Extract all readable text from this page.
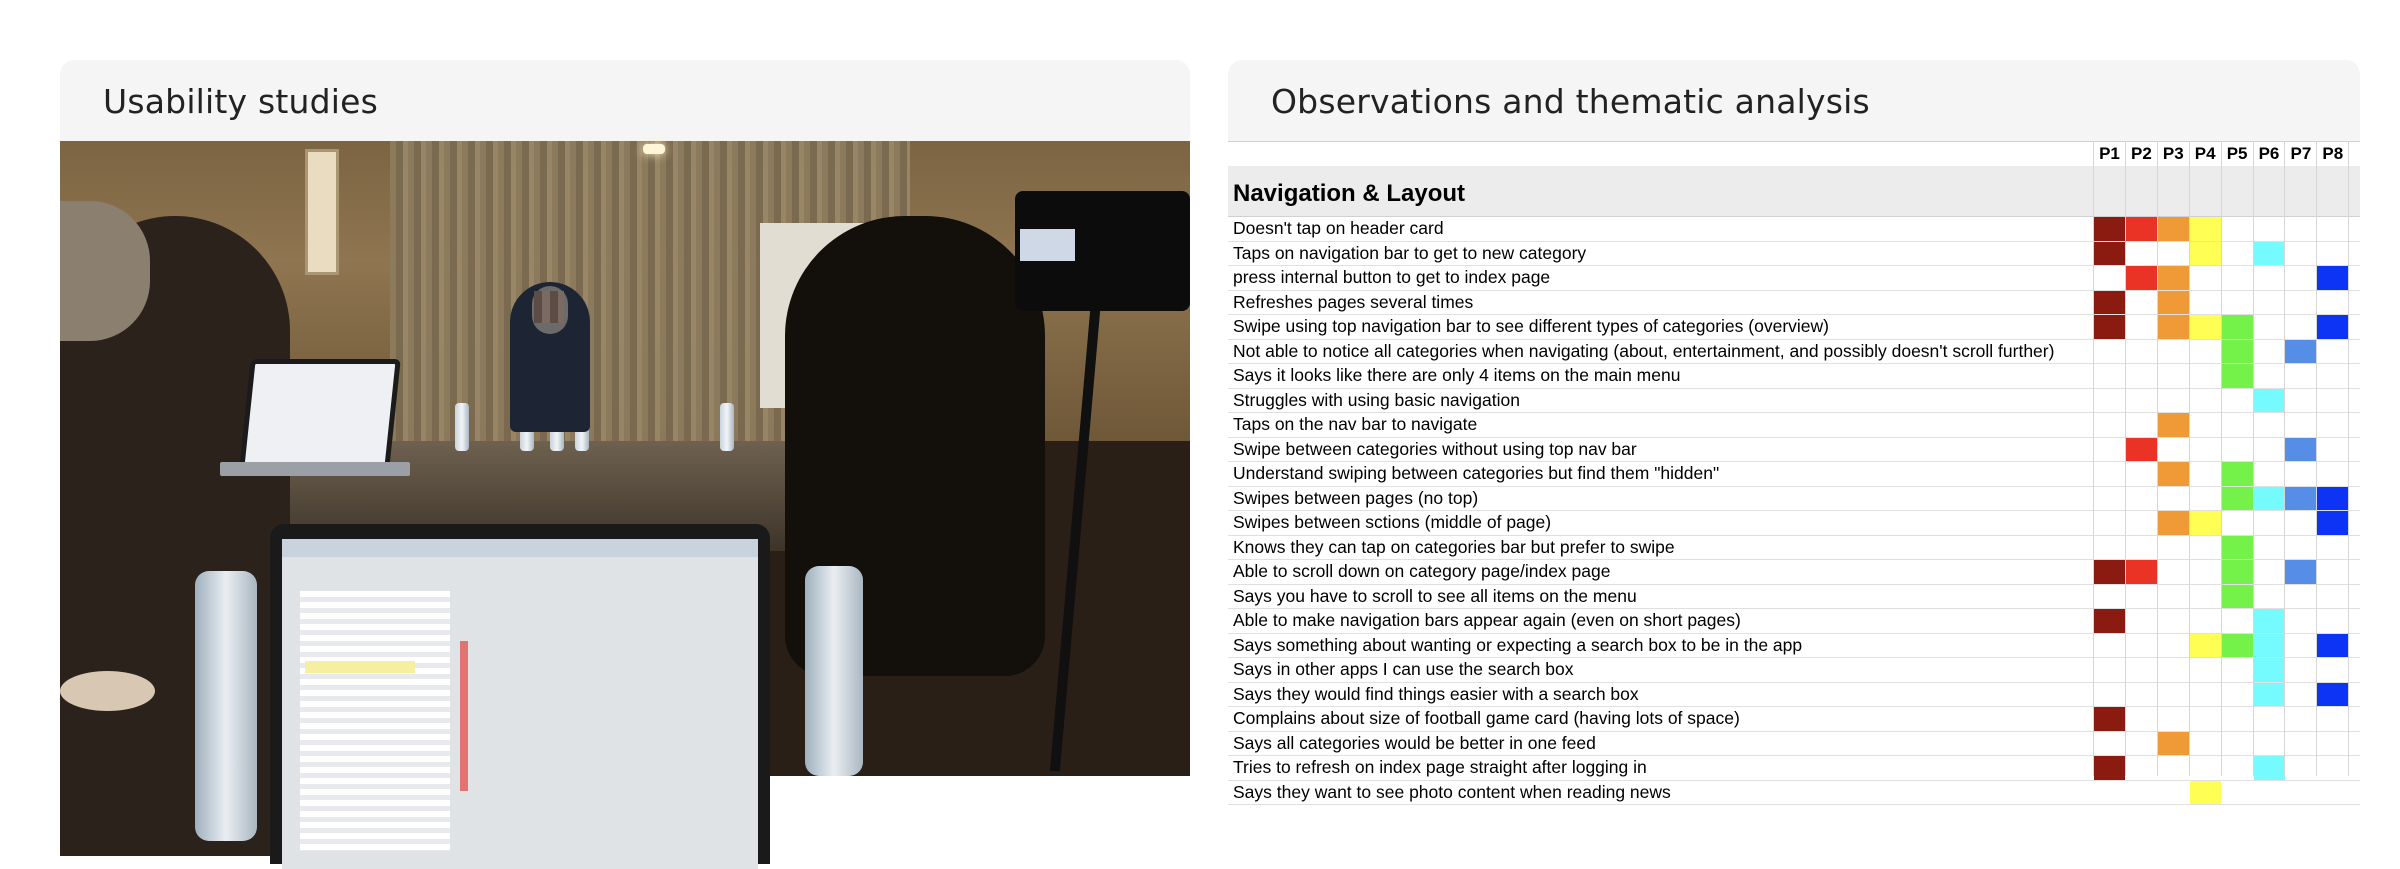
Usability studies	Observations and thematic analysis
P1 P2 P3 P4 P5 P6 P7 P8
Navigation & Layout
Doesn't tap on header card
Taps on navigation bar to get to new category
press internal button to get to index page
Refreshes pages several times
Swipe using top navigation bar to see different types of categories (overview)
Not able to notice all categories when navigating (about, entertainment, and possibly doesn't scroll further)
Says it looks like there are only 4 items on the main menu
Struggles with using basic navigation
Taps on the nav bar to navigate
Swipe between categories without using top nav bar
Understand swiping between categories but find them "hidden"
Swipes between pages (no top)
Swipes between sctions (middle of page)
Knows they can tap on categories bar but prefer to swipe
Able to scroll down on category page/index page
Says you have to scroll to see all items on the menu
Able to make navigation bars appear again (even on short pages)
Says something about wanting or expecting a search box to be in the app
Says in other apps I can use the search box
Says they would find things easier with a search box
Complains about size of football game card (having lots of space)
Says all categories would be better in one feed
Tries to refresh on index page straight after logging in
Says they want to see photo content when reading news
